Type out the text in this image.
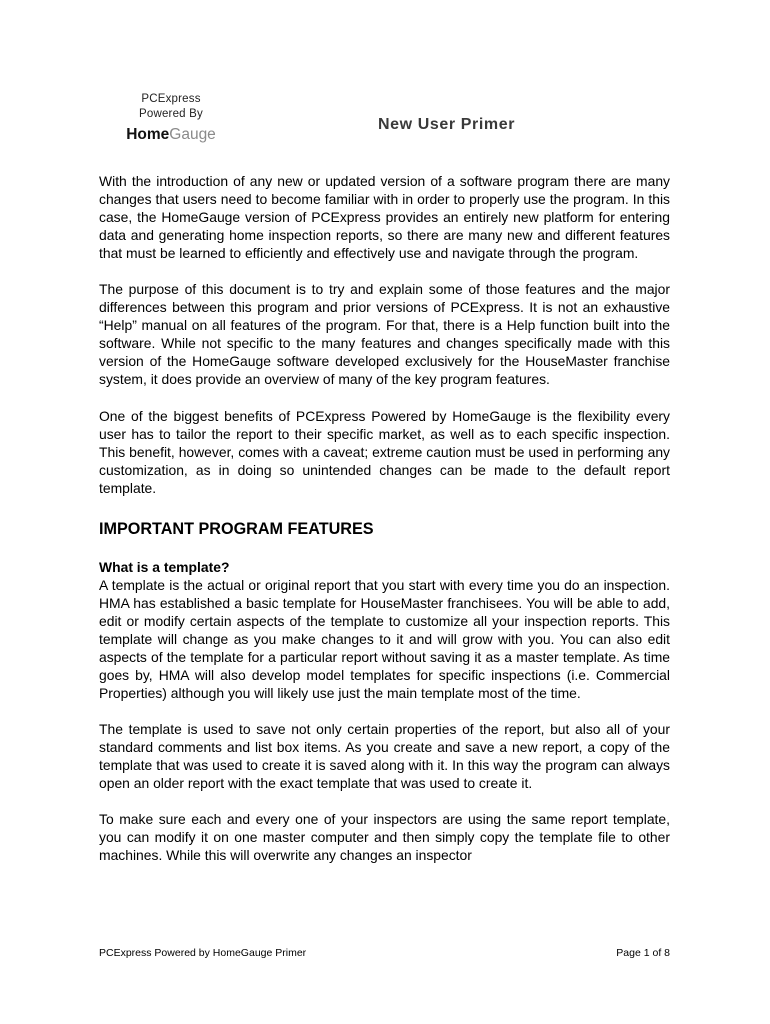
PCExpress
Powered By
HomeGauge
New User Primer

With the introduction of any new or updated version of a software program there are many changes that users need to become familiar with in order to properly use the program. In this case, the HomeGauge version of PCExpress provides an entirely new platform for entering data and generating home inspection reports, so there are many new and different features that must be learned to efficiently and effectively use and navigate through the program.

The purpose of this document is to try and explain some of those features and the major differences between this program and prior versions of PCExpress. It is not an exhaustive “Help” manual on all features of the program. For that, there is a Help function built into the software. While not specific to the many features and changes specifically made with this version of the HomeGauge software developed exclusively for the HouseMaster franchise system, it does provide an overview of many of the key program features.

One of the biggest benefits of PCExpress Powered by HomeGauge is the flexibility every user has to tailor the report to their specific market, as well as to each specific inspection. This benefit, however, comes with a caveat; extreme caution must be used in performing any customization, as in doing so unintended changes can be made to the default report template.

IMPORTANT PROGRAM FEATURES
What is a template?

A template is the actual or original report that you start with every time you do an inspection. HMA has established a basic template for HouseMaster franchisees. You will be able to add, edit or modify certain aspects of the template to customize all your inspection reports. This template will change as you make changes to it and will grow with you. You can also edit aspects of the template for a particular report without saving it as a master template. As time goes by, HMA will also develop model templates for specific inspections (i.e. Commercial Properties) although you will likely use just the main template most of the time.

The template is used to save not only certain properties of the report, but also all of your standard comments and list box items. As you create and save a new report, a copy of the template that was used to create it is saved along with it. In this way the program can always open an older report with the exact template that was used to create it.

To make sure each and every one of your inspectors are using the same report template, you can modify it on one master computer and then simply copy the template file to other machines. While this will overwrite any changes an inspector

PCExpress Powered by HomeGauge Primer	Page 1 of 8
